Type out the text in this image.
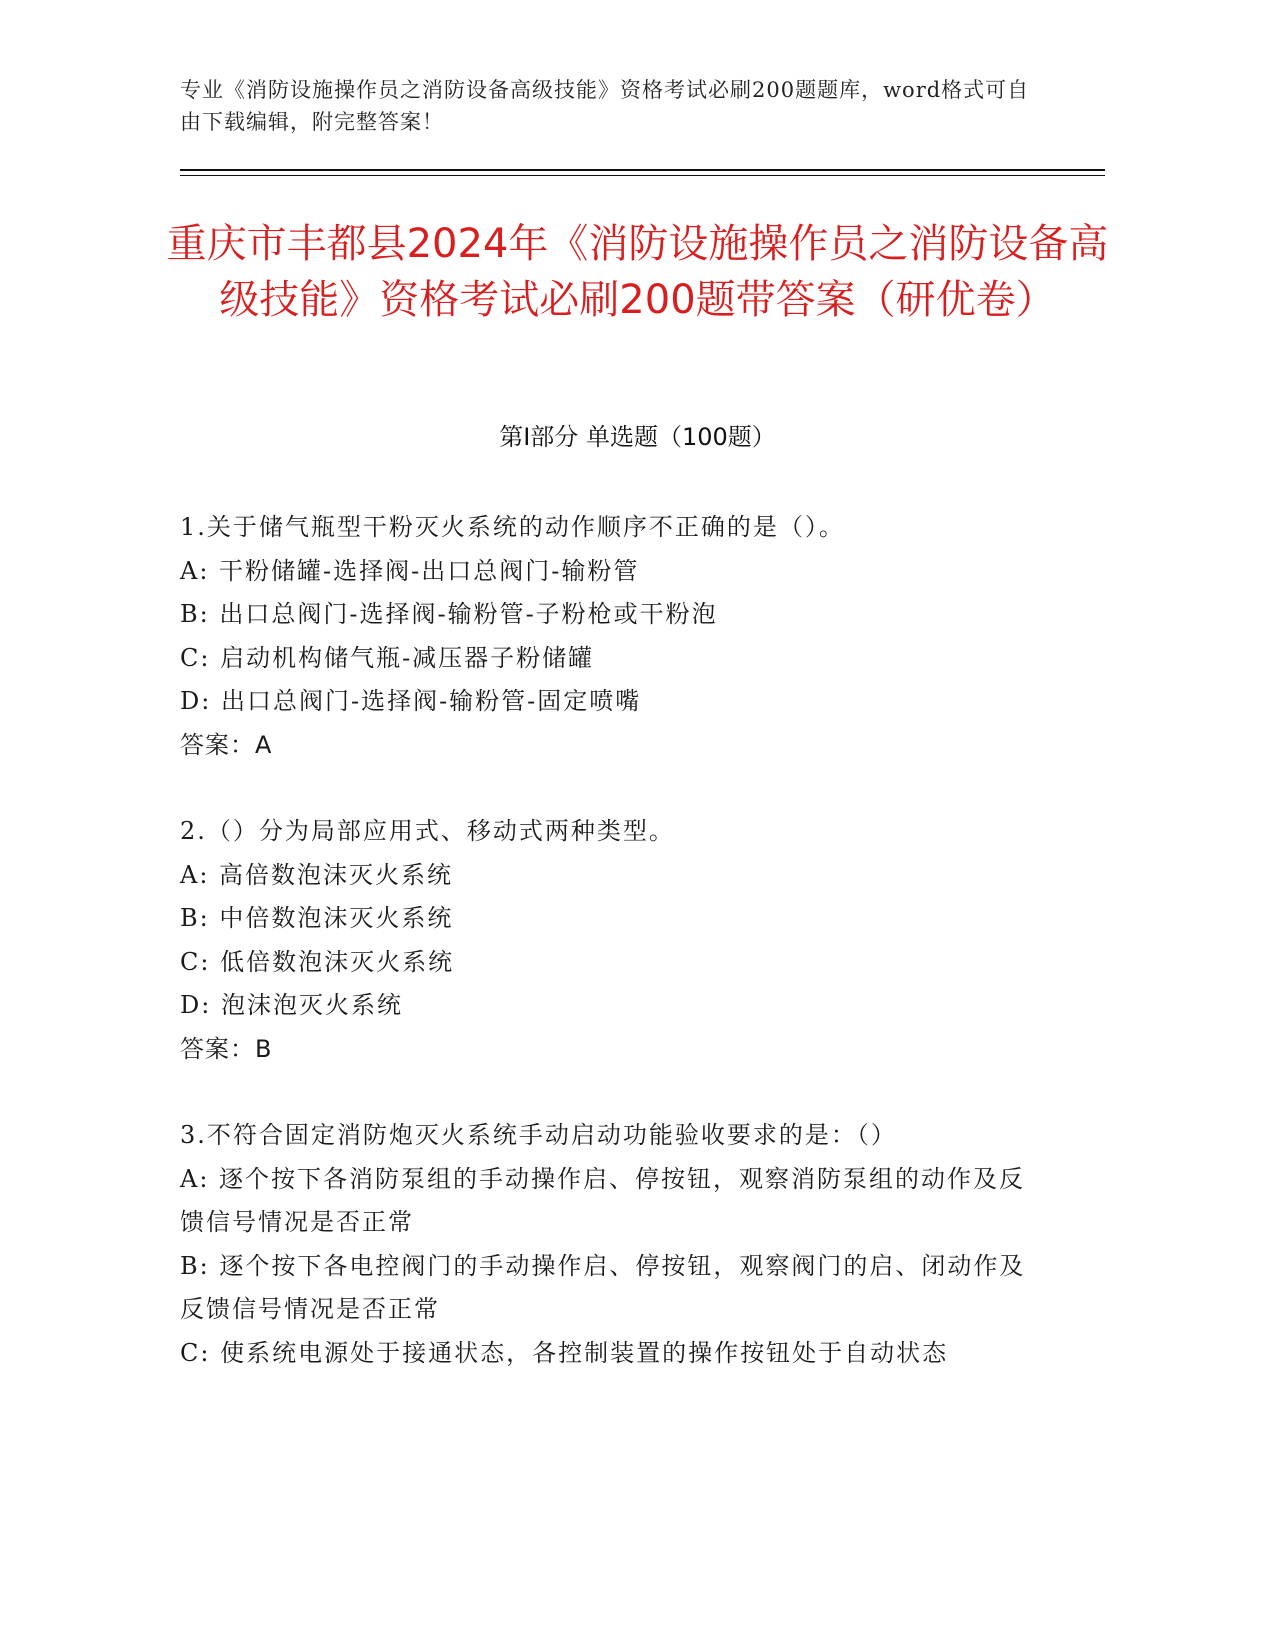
专业《消防设施操作员之消防设备高级技能》资格考试必刷200题题库，word格式可自由下载编辑，附完整答案！
重庆市丰都县2024年《消防设施操作员之消防设备高级技能》资格考试必刷200题带答案（研优卷）
第Ⅰ部分 单选题（100题）
1.关于储气瓶型干粉灭火系统的动作顺序不正确的是（）。
A: 干粉储罐-选择阀-出口总阀门-输粉管
B: 出口总阀门-选择阀-输粉管-子粉枪或干粉泡
C: 启动机构储气瓶-减压器子粉储罐
D: 出口总阀门-选择阀-输粉管-固定喷嘴
答案：A
2.（）分为局部应用式、移动式两种类型。
A: 高倍数泡沫灭火系统
B: 中倍数泡沫灭火系统
C: 低倍数泡沫灭火系统
D: 泡沫泡灭火系统
答案：B
3.不符合固定消防炮灭火系统手动启动功能验收要求的是：（）
A: 逐个按下各消防泵组的手动操作启、停按钮，观察消防泵组的动作及反馈信号情况是否正常
B: 逐个按下各电控阀门的手动操作启、停按钮，观察阀门的启、闭动作及反馈信号情况是否正常
C: 使系统电源处于接通状态，各控制装置的操作按钮处于自动状态
